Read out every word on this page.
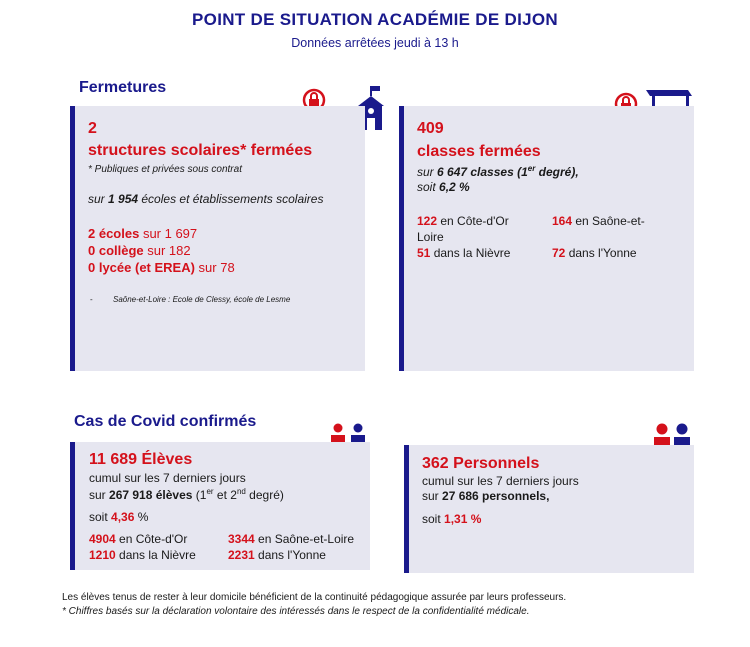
POINT DE SITUATION ACADÉMIE DE DIJON
Données arrêtées jeudi à 13 h
Fermetures
2
structures scolaires* fermées
* Publiques et privées sous contrat
sur 1 954 écoles et établissements scolaires
2 écoles sur 1 697
0 collège sur 182
0 lycée (et EREA) sur 78
-	Saône-et-Loire : Ecole de Clessy, école de Lesme
409
classes fermées
sur 6 647 classes (1er degré),
soit 6,2 %
122 en Côte-d'Or	164 en Saône-et-
Loire
51 dans la Nièvre	72 dans l'Yonne
Cas de Covid confirmés
11 689 Élèves
cumul sur les 7 derniers jours
sur 267 918 élèves (1er et 2nd degré)
soit 4,36 %
4904 en Côte-d'Or	3344 en Saône-et-Loire
1210 dans la Nièvre	2231 dans l'Yonne
362 Personnels
cumul sur les 7 derniers jours
sur 27 686 personnels,
soit 1,31 %
Les élèves tenus de rester à leur domicile bénéficient de la continuité pédagogique assurée par leurs professeurs.
* Chiffres basés sur la déclaration volontaire des intéressés dans le respect de la confidentialité médicale.
